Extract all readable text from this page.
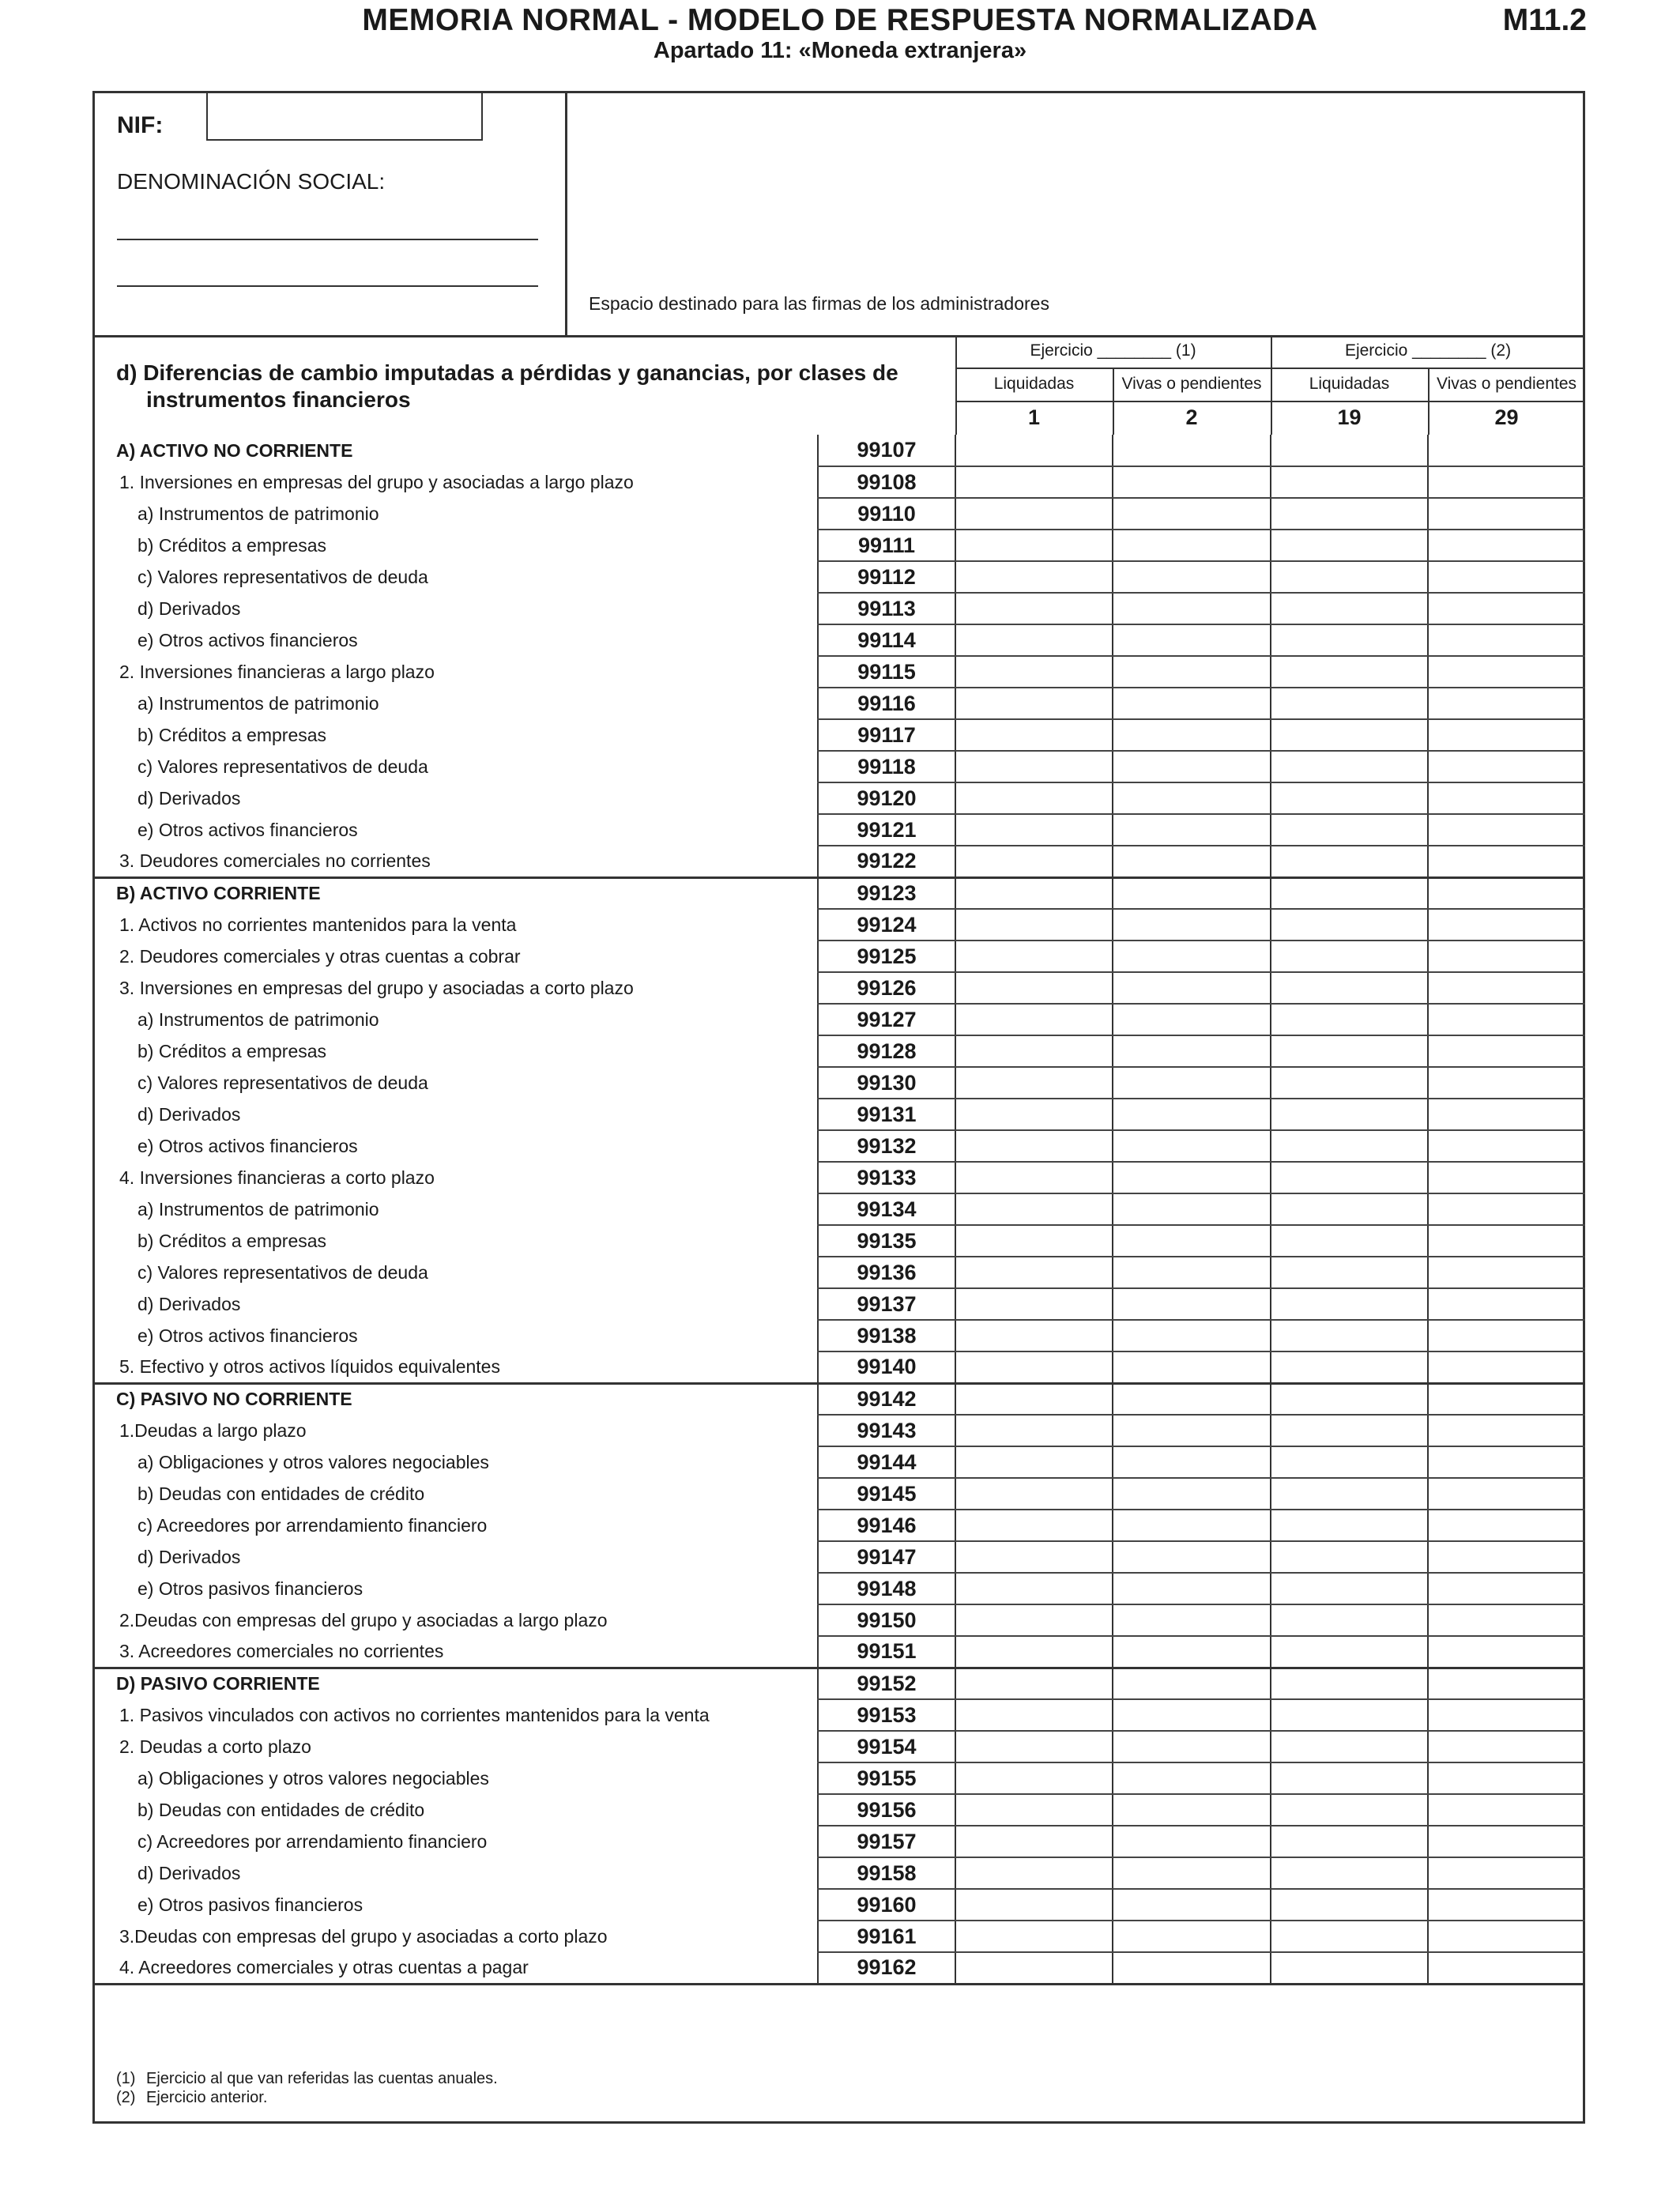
MEMORIA NORMAL - MODELO DE RESPUESTA NORMALIZADA
Apartado 11: «Moneda extranjera»
M11.2
NIF:
DENOMINACIÓN SOCIAL:
Espacio destinado para las firmas de los administradores
d) Diferencias de cambio imputadas a pérdidas y ganancias, por clases de
instrumentos financieros
Ejercicio ________ (1)	Ejercicio ________ (2)
Liquidadas	Vivas o pendientes	Liquidadas	Vivas o pendientes
1	2	19	29
A) ACTIVO NO CORRIENTE	99107				
1. Inversiones en empresas del grupo y asociadas a largo plazo	99108				
a) Instrumentos de patrimonio	99110				
b) Créditos a empresas	99111				
c) Valores representativos de deuda	99112				
d) Derivados	99113				
e) Otros activos financieros	99114				
2. Inversiones financieras a largo plazo	99115				
a) Instrumentos de patrimonio	99116				
b) Créditos a empresas	99117				
c) Valores representativos de deuda	99118				
d) Derivados	99120				
e) Otros activos financieros	99121				
3. Deudores comerciales no corrientes	99122				
B) ACTIVO CORRIENTE	99123				
1. Activos no corrientes mantenidos para la venta	99124				
2. Deudores comerciales y otras cuentas a cobrar	99125				
3. Inversiones en empresas del grupo y asociadas a corto plazo	99126				
a) Instrumentos de patrimonio	99127				
b) Créditos a empresas	99128				
c) Valores representativos de deuda	99130				
d) Derivados	99131				
e) Otros activos financieros	99132				
4. Inversiones financieras a corto plazo	99133				
a) Instrumentos de patrimonio	99134				
b) Créditos a empresas	99135				
c) Valores representativos de deuda	99136				
d) Derivados	99137				
e) Otros activos financieros	99138				
5. Efectivo y otros activos líquidos equivalentes	99140				
C) PASIVO NO CORRIENTE	99142				
1.Deudas a largo plazo	99143				
a) Obligaciones y otros valores negociables	99144				
b) Deudas con entidades de crédito	99145				
c) Acreedores por arrendamiento financiero	99146				
d) Derivados	99147				
e) Otros pasivos financieros	99148				
2.Deudas con empresas del grupo y asociadas a largo plazo	99150				
3. Acreedores comerciales no corrientes	99151				
D) PASIVO CORRIENTE	99152				
1. Pasivos vinculados con activos no corrientes mantenidos para la venta	99153				
2. Deudas a corto plazo	99154				
a) Obligaciones y otros valores negociables	99155				
b) Deudas con entidades de crédito	99156				
c) Acreedores por arrendamiento financiero	99157				
d) Derivados	99158				
e) Otros pasivos financieros	99160				
3.Deudas con empresas del grupo y asociadas a corto plazo	99161				
4. Acreedores comerciales y otras cuentas a pagar	99162				
(1) Ejercicio al que van referidas las cuentas anuales.
(2) Ejercicio anterior.
